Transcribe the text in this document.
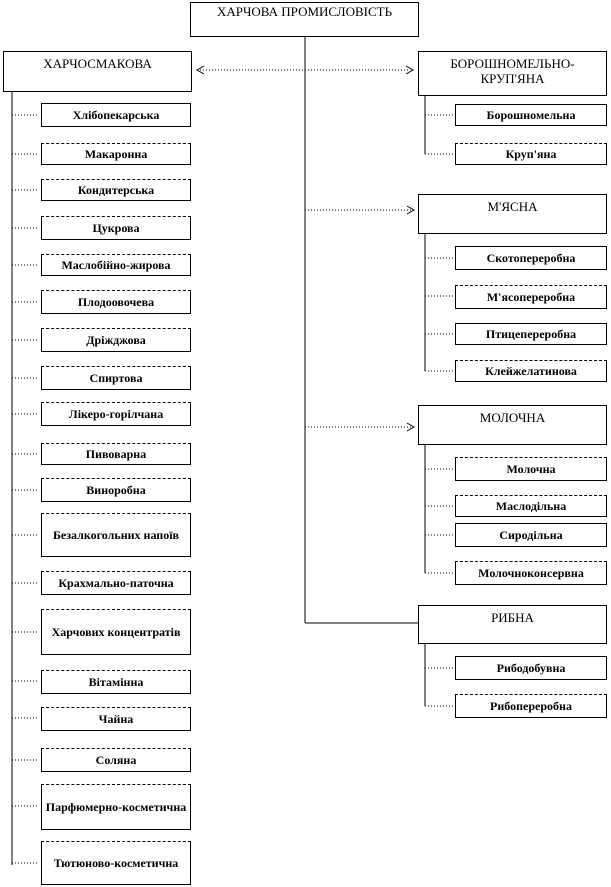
ХАРЧОВА ПРОМИСЛОВІСТЬ
ХАРЧОСМАКОВА
Хлібопекарська
Макаронна
Кондитерська
Цукрова
Маслобійно-жирова
Плодоовочева
Дріжджова
Спиртова
Лікеро-горілчана
Пивоварна
Виноробна
Безалкогольних напоїв
Крахмально-паточна
Харчових концентратів
Вітамінна
Чайна
Соляна
Парфюмерно-косметична
Тютюново-косметична
БОРОШНОМЕЛЬНО-КРУП'ЯНА
Борошномельна
Круп'яна
М'ЯСНА
Скотопереробна
М'ясопереробна
Птицепереробна
Клейжелатинова
МОЛОЧНА
Молочна
Маслодільна
Сиродільна
Молочноконсервна
РИБНА
Рибодобувна
Рибопереробна
